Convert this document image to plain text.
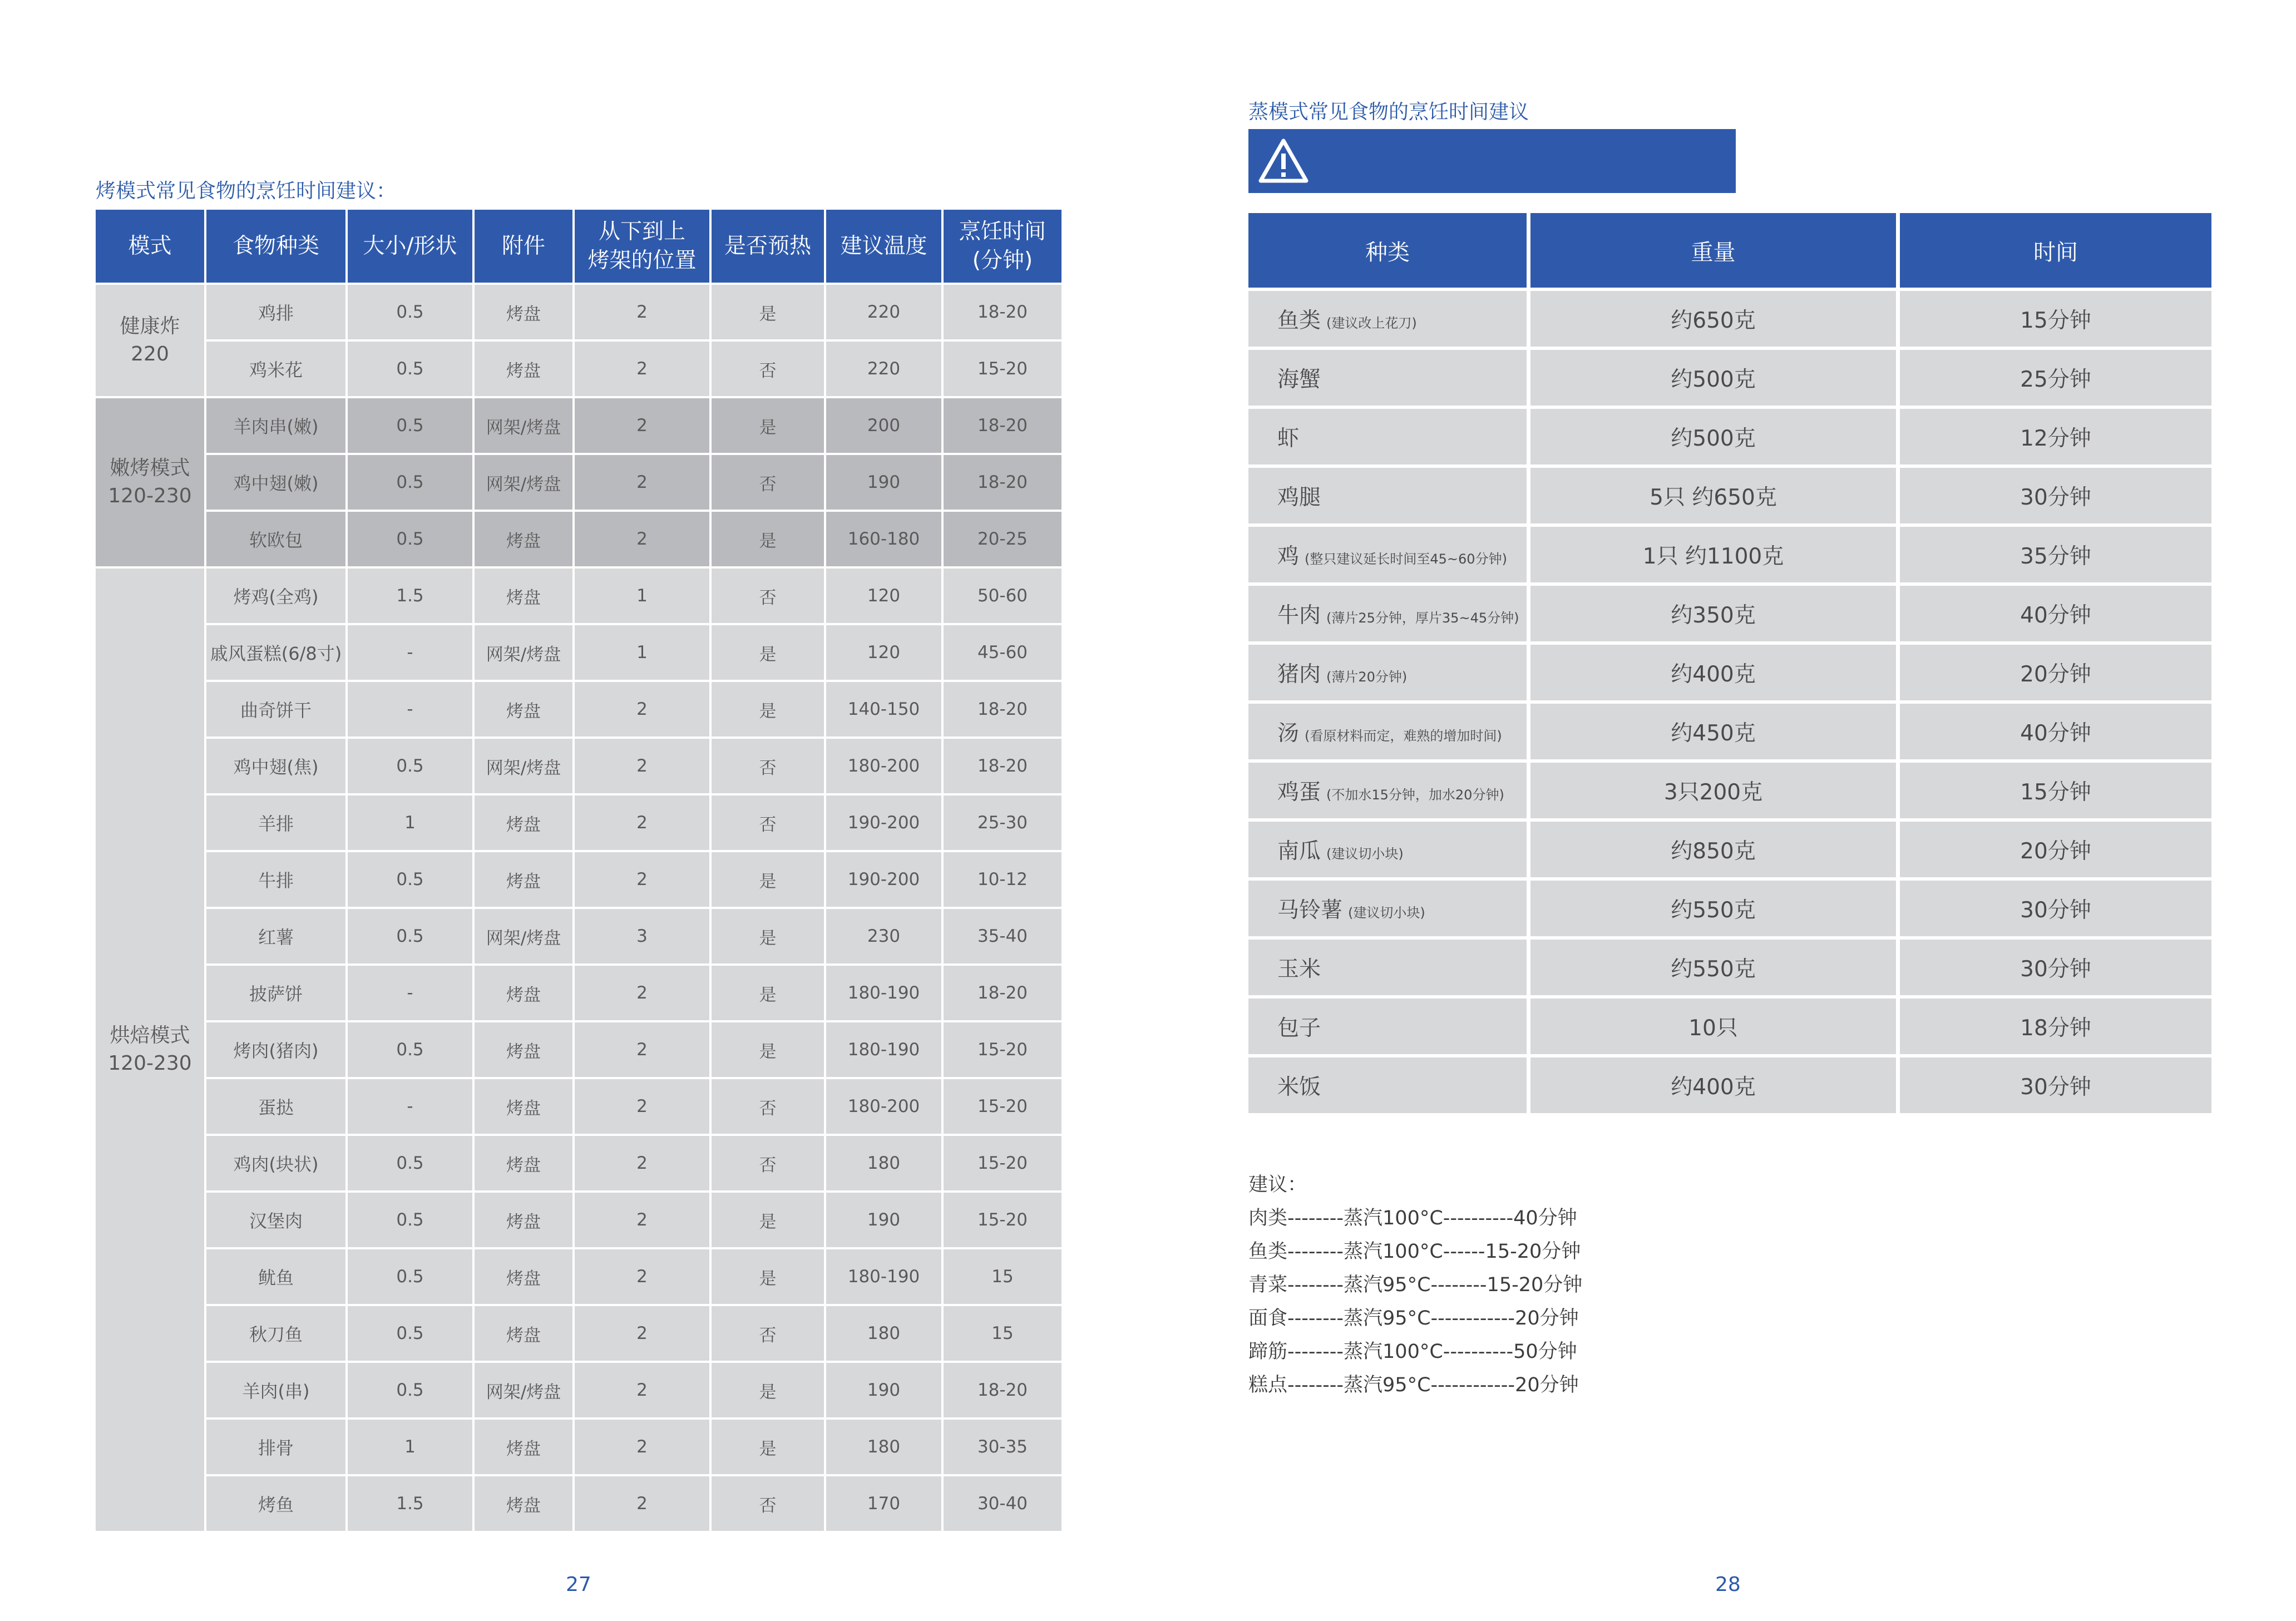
烤模式常见食物的烹饪时间建议：
模式	食物种类	大小/形状	附件	从下到上
烤架的位置	是否预热	建议温度	烹饪时间
(分钟)
健康炸
220	鸡排	0.5	烤盘	2	是	220	18-20
	鸡米花	0.5	烤盘	2	否	220	15-20
嫩烤模式
120-230	羊肉串(嫩)	0.5	网架/烤盘	2	是	200	18-20
	鸡中翅(嫩)	0.5	网架/烤盘	2	否	190	18-20
	软欧包	0.5	烤盘	2	是	160-180	20-25
烘焙模式
120-230	烤鸡(全鸡)	1.5	烤盘	1	否	120	50-60
	戚风蛋糕(6/8寸)	-	网架/烤盘	1	是	120	45-60
	曲奇饼干	-	烤盘	2	是	140-150	18-20
	鸡中翅(焦)	0.5	网架/烤盘	2	否	180-200	18-20
	羊排	1	烤盘	2	否	190-200	25-30
	牛排	0.5	烤盘	2	是	190-200	10-12
	红薯	0.5	网架/烤盘	3	是	230	35-40
	披萨饼	-	烤盘	2	是	180-190	18-20
	烤肉(猪肉)	0.5	烤盘	2	是	180-190	15-20
	蛋挞	-	烤盘	2	否	180-200	15-20
	鸡肉(块状)	0.5	烤盘	2	否	180	15-20
	汉堡肉	0.5	烤盘	2	是	190	15-20
	鱿鱼	0.5	烤盘	2	是	180-190	15
	秋刀鱼	0.5	烤盘	2	否	180	15
	羊肉(串)	0.5	网架/烤盘	2	是	190	18-20
	排骨	1	烤盘	2	是	180	30-35
	烤鱼	1.5	烤盘	2	否	170	30-40
27
蒸模式常见食物的烹饪时间建议
种类	重量	时间
鱼类 (建议改上花刀)	约650克	15分钟
海蟹	约500克	25分钟
虾	约500克	12分钟
鸡腿	5只 约650克	30分钟
鸡 (整只建议延长时间至45~60分钟)	1只 约1100克	35分钟
牛肉 (薄片25分钟，厚片35~45分钟)	约350克	40分钟
猪肉 (薄片20分钟)	约400克	20分钟
汤 (看原材料而定，难熟的增加时间)	约450克	40分钟
鸡蛋 (不加水15分钟，加水20分钟)	3只200克	15分钟
南瓜 (建议切小块)	约850克	20分钟
马铃薯 (建议切小块)	约550克	30分钟
玉米	约550克	30分钟
包子	10只	18分钟
米饭	约400克	30分钟
建议：
肉类--------蒸汽100°C----------40分钟
鱼类--------蒸汽100°C------15-20分钟
青菜--------蒸汽95°C--------15-20分钟
面食--------蒸汽95°C------------20分钟
蹄筋--------蒸汽100°C----------50分钟
糕点--------蒸汽95°C------------20分钟
28
